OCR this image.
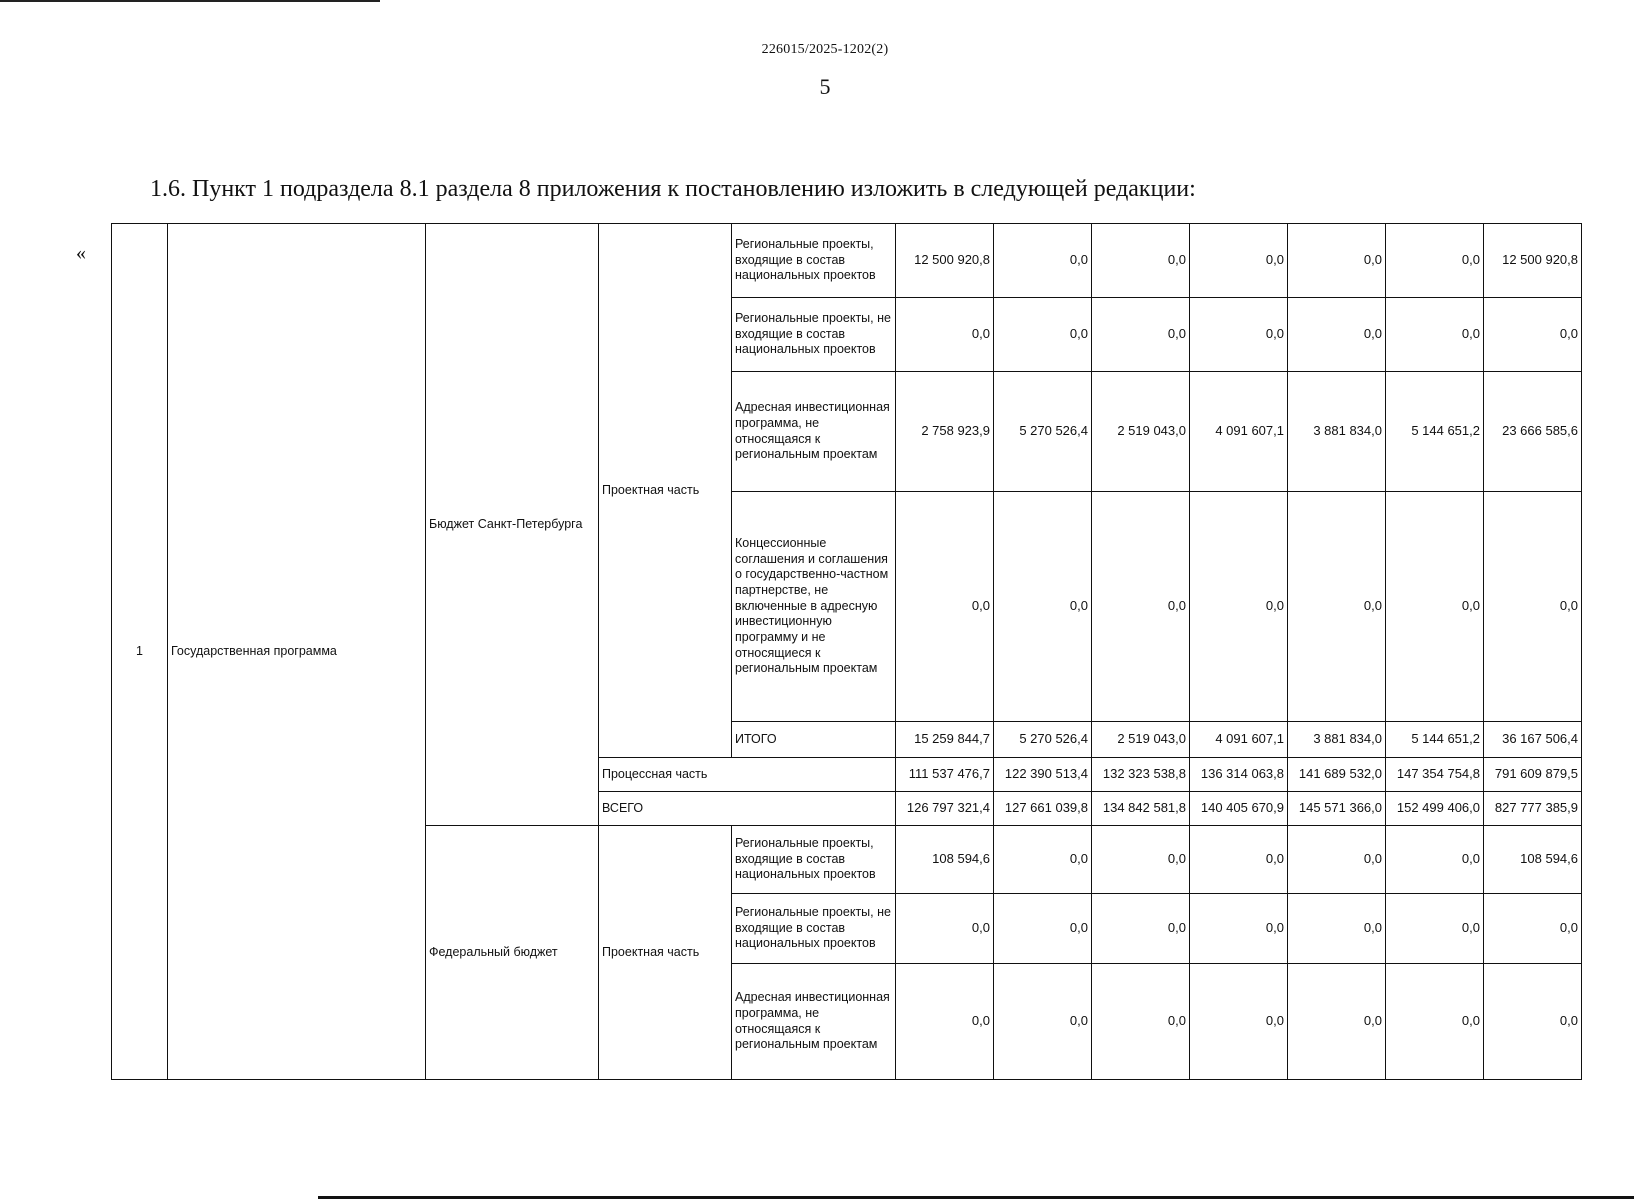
226015/2025-1202(2)
5
1.6. Пункт 1 подраздела 8.1 раздела 8 приложения к постановлению изложить в следующей редакции:
«
1	Государственная программа	Бюджет Санкт-Петербурга	Проектная часть	Региональные проекты, входящие в состав национальных проектов	12 500 920,8	0,0	0,0	0,0	0,0	0,0	12 500 920,8
				Региональные проекты, не входящие в состав национальных проектов	0,0	0,0	0,0	0,0	0,0	0,0	0,0
				Адресная инвестиционная программа, не относящаяся к региональным проектам	2 758 923,9	5 270 526,4	2 519 043,0	4 091 607,1	3 881 834,0	5 144 651,2	23 666 585,6
				Концессионные соглашения и соглашения о государственно-частном партнерстве, не включенные в адресную инвестиционную программу и не относящиеся к региональным проектам	0,0	0,0	0,0	0,0	0,0	0,0	0,0
				ИТОГО	15 259 844,7	5 270 526,4	2 519 043,0	4 091 607,1	3 881 834,0	5 144 651,2	36 167 506,4
			Процессная часть		111 537 476,7	122 390 513,4	132 323 538,8	136 314 063,8	141 689 532,0	147 354 754,8	791 609 879,5
			ВСЕГО		126 797 321,4	127 661 039,8	134 842 581,8	140 405 670,9	145 571 366,0	152 499 406,0	827 777 385,9
		Федеральный бюджет	Проектная часть	Региональные проекты, входящие в состав национальных проектов	108 594,6	0,0	0,0	0,0	0,0	0,0	108 594,6
				Региональные проекты, не входящие в состав национальных проектов	0,0	0,0	0,0	0,0	0,0	0,0	0,0
				Адресная инвестиционная программа, не относящаяся к региональным проектам	0,0	0,0	0,0	0,0	0,0	0,0	0,0
